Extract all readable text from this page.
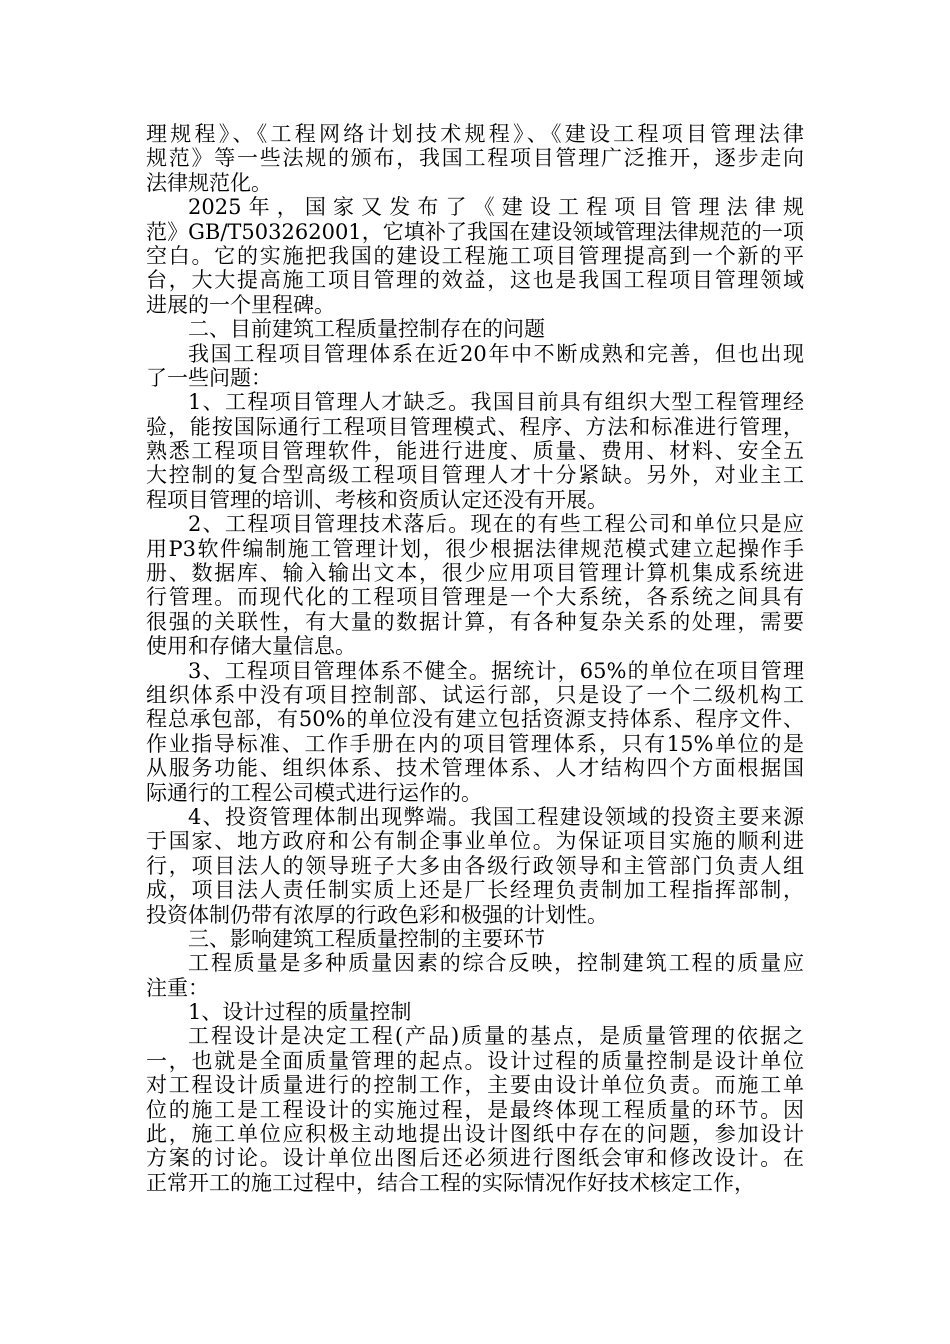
理规程》、《工程网络计划技术规程》、《建设工程项目管理法律
规范》等一些法规的颁布，我国工程项目管理广泛推开，逐步走向
法律规范化。
2025年，国家又发布了《建设工程项目管理法律规
范》GB/T503262001，它填补了我国在建设领域管理法律规范的一项
空白。它的实施把我国的建设工程施工项目管理提高到一个新的平
台，大大提高施工项目管理的效益，这也是我国工程项目管理领域
进展的一个里程碑。
二、目前建筑工程质量控制存在的问题
我国工程项目管理体系在近20年中不断成熟和完善，但也出现
了一些问题：
1、工程项目管理人才缺乏。我国目前具有组织大型工程管理经
验，能按国际通行工程项目管理模式、程序、方法和标准进行管理，
熟悉工程项目管理软件，能进行进度、质量、费用、材料、安全五
大控制的复合型高级工程项目管理人才十分紧缺。另外，对业主工
程项目管理的培训、考核和资质认定还没有开展。
2、工程项目管理技术落后。现在的有些工程公司和单位只是应
用P3软件编制施工管理计划，很少根据法律规范模式建立起操作手
册、数据库、输入输出文本，很少应用项目管理计算机集成系统进
行管理。而现代化的工程项目管理是一个大系统，各系统之间具有
很强的关联性，有大量的数据计算，有各种复杂关系的处理，需要
使用和存储大量信息。
3、工程项目管理体系不健全。据统计，65%的单位在项目管理
组织体系中没有项目控制部、试运行部，只是设了一个二级机构工
程总承包部，有50%的单位没有建立包括资源支持体系、程序文件、
作业指导标准、工作手册在内的项目管理体系，只有15%单位的是
从服务功能、组织体系、技术管理体系、人才结构四个方面根据国
际通行的工程公司模式进行运作的。
4、投资管理体制出现弊端。我国工程建设领域的投资主要来源
于国家、地方政府和公有制企事业单位。为保证项目实施的顺利进
行，项目法人的领导班子大多由各级行政领导和主管部门负责人组
成，项目法人责任制实质上还是厂长经理负责制加工程指挥部制，
投资体制仍带有浓厚的行政色彩和极强的计划性。
三、影响建筑工程质量控制的主要环节
工程质量是多种质量因素的综合反映，控制建筑工程的质量应
注重：
1、设计过程的质量控制
工程设计是决定工程(产品)质量的基点，是质量管理的依据之
一，也就是全面质量管理的起点。设计过程的质量控制是设计单位
对工程设计质量进行的控制工作，主要由设计单位负责。而施工单
位的施工是工程设计的实施过程，是最终体现工程质量的环节。因
此，施工单位应积极主动地提出设计图纸中存在的问题，参加设计
方案的讨论。设计单位出图后还必须进行图纸会审和修改设计。在
正常开工的施工过程中，结合工程的实际情况作好技术核定工作，
